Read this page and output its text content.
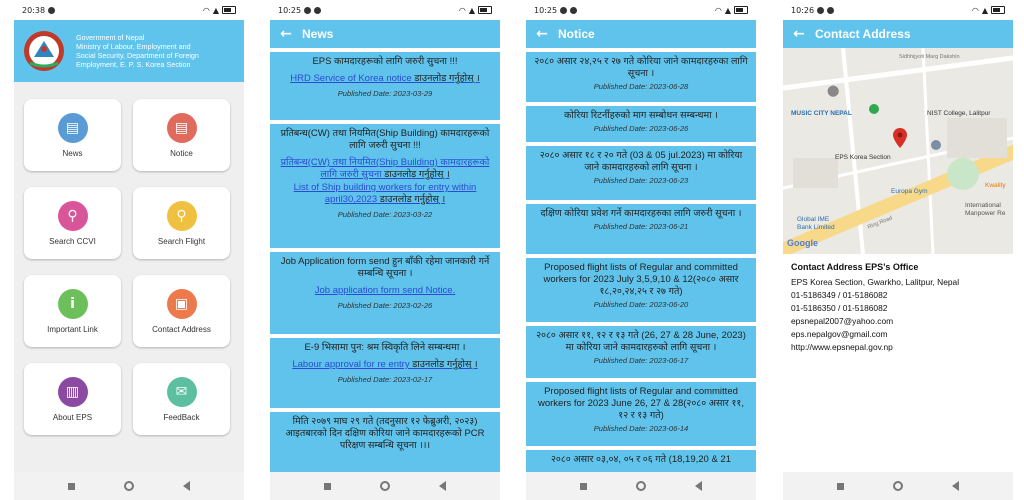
20:38	◠ ▲
Government of Nepal
Ministry of Labour, Employment and
Social Security, Department of Foreign
Employment, E. P. S. Korea Section
▤
News
▤
Notice
⚲
Search CCVI
⚲
Search Flight
i
Important Link
▣
Contact Address
▥
About EPS
✉
FeedBack
10:25	◠ ▲
← News
EPS कामदारहरूको लागि जरुरी सुचना !!!
HRD Service of Korea notice डाउनलोड गर्नुहोस् ।
Published Date: 2023-03-29
प्रतिबन्ध(CW) तथा नियमित(Ship Building) कामदारहरूको लागि जरुरी सुचना !!!
प्रतिबन्ध(CW) तथा नियमित(Ship Building) कामदारहरूको लागि जरुरी सुचना डाउनलोड गर्नुहोस् ।
List of Ship building workers for entry within april30,2023 डाउनलोड गर्नुहोस् ।
Published Date: 2023-03-22
Job Application form send हुन बाँकी रहेमा जानकारी गर्ने सम्बन्धि सूचना ।
Job application form send Notice.
Published Date: 2023-02-26
E-9 भिसामा पुन: श्रम स्विकृति लिने सम्बन्धमा ।
Labour approval for re entry डाउनलोड गर्नुहोस् ।
Published Date: 2023-02-17
मिति २०७९ माघ २९ गते (तदनुसार १२ फेब्रुअरी, २०२३) आइतबारको दिन दक्षिण कोरिया जाने कामदारहरूको PCR परिक्षण सम्बन्धि सूचना ।।।
10:25	◠ ▲
← Notice
२०८० असार २४,२५ र २७ गते कोरिया जाने कामदारहरुका लागि सूचना ।
Published Date: 2023-06-28
कोरिया रिटर्नीहरुको माग सम्बोधन सम्बन्धमा ।
Published Date: 2023-06-26
२०८० असार १८ र २० गते (03 & 05 jul.2023) मा कोरिया जाने कामदारहरुको लागि सूचना ।
Published Date: 2023-06-23
दक्षिण कोरिया प्रवेश गर्ने कामदारहरुका लागि जरुरी सूचना ।
Published Date: 2023-06-21
Proposed flight lists of Regular and committed workers for 2023 July 3,5,9,10 & 12(२०८० असार १८,२०,२४,२५ र २७ गते)
Published Date: 2023-06-20
२०८० असार ११, १२ र १३ गते (26, 27 & 28 June, 2023) मा कोरिया जाने कामदारहरुको लागि सूचना ।
Published Date: 2023-06-17
Proposed flight lists of Regular and committed workers for 2023 June 26, 27 & 28(२०८० असार ११, १२ र १३ गते)
Published Date: 2023-06-14
२०८० असार ०३,०४, ०५ र ०६ गते (18,19,20 & 21
10:26	◠ ▲
← Contact Address
Sidhhijyoti Marg Dakshin
⬤
MUSIC CITY NEPAL	NIST College, Lalitpur
EPS Korea Section
Europa Gym
Kwality
International
Manpower Re
Global IME
Bank Limited	Ring Road
Google
Contact Address EPS's Office
EPS Korea Section, Gwarkho, Lalitpur, Nepal
01-5186349 / 01-5186082
01-5186350 / 01-5186082
epsnepal2007@yahoo.com
eps.nepalgov@gmail.com
http://www.epsnepal.gov.np
